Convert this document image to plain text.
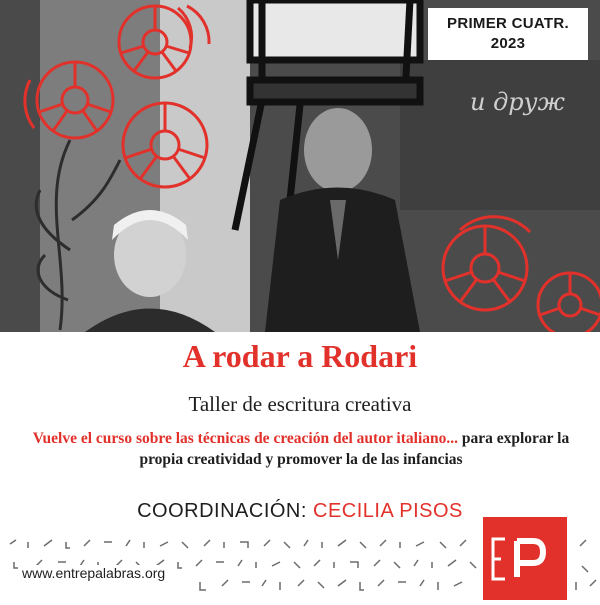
и друж
PRIMER CUATR.
2023
A rodar a Rodari
Taller de escritura creativa
Vuelve el curso sobre las técnicas de creación del autor italiano... para explorar la propia creatividad y promover la de las infancias
COORDINACIÓN: CECILIA PISOS
www.entrepalabras.org
